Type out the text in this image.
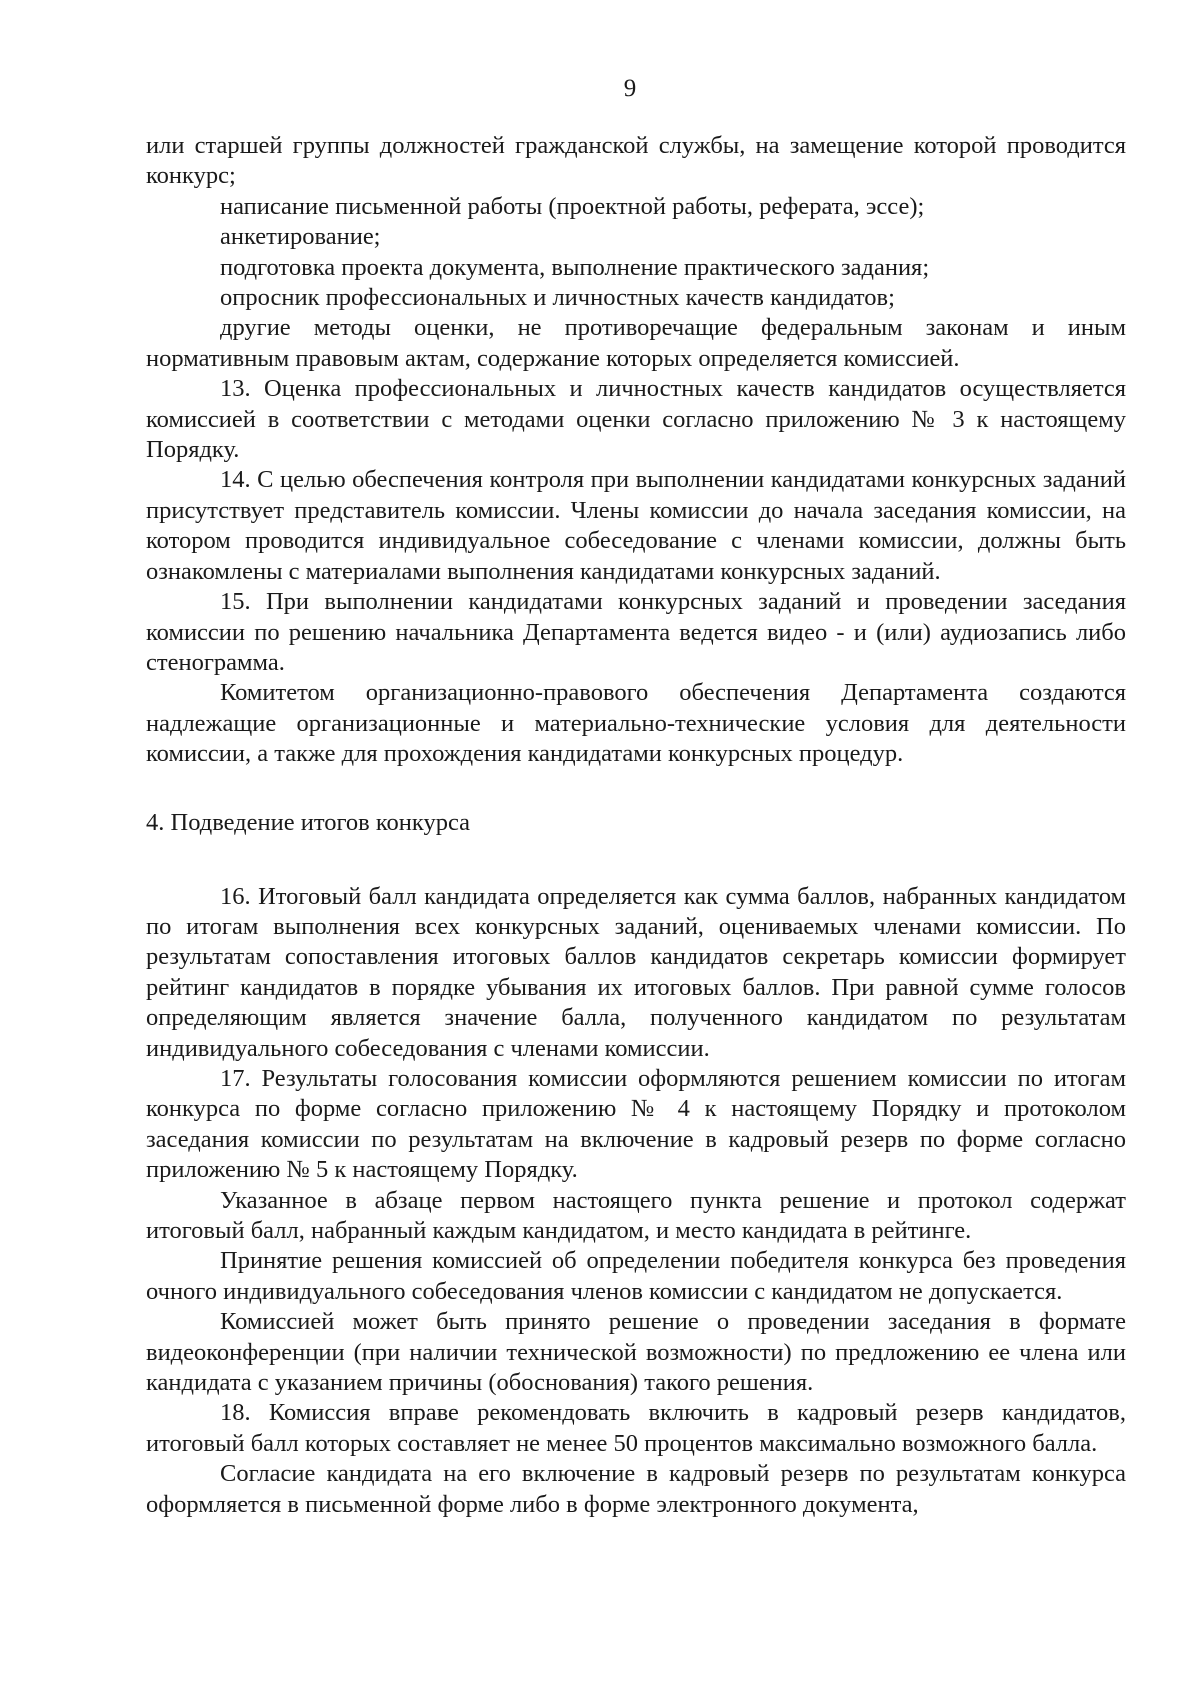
9

или старшей группы должностей гражданской службы, на замещение которой проводится конкурс;

написание письменной работы (проектной работы, реферата, эссе);

анкетирование;

подготовка проекта документа, выполнение практического задания;

опросник профессиональных и личностных качеств кандидатов;

другие методы оценки, не противоречащие федеральным законам и иным нормативным правовым актам, содержание которых определяется комиссией.

13. Оценка профессиональных и личностных качеств кандидатов осуществляется комиссией в соответствии с методами оценки согласно приложению № 3 к настоящему Порядку.

14. С целью обеспечения контроля при выполнении кандидатами конкурсных заданий присутствует представитель комиссии. Члены комиссии до начала заседания комиссии, на котором проводится индивидуальное собеседование с членами комиссии, должны быть ознакомлены с материалами выполнения кандидатами конкурсных заданий.

15. При выполнении кандидатами конкурсных заданий и проведении заседания комиссии по решению начальника Департамента ведется видео - и (или) аудиозапись либо стенограмма.

Комитетом организационно-правового обеспечения Департамента создаются надлежащие организационные и материально-технические условия для деятельности комиссии, а также для прохождения кандидатами конкурсных процедур.

4. Подведение итогов конкурса

16. Итоговый балл кандидата определяется как сумма баллов, набранных кандидатом по итогам выполнения всех конкурсных заданий, оцениваемых членами комиссии. По результатам сопоставления итоговых баллов кандидатов секретарь комиссии формирует рейтинг кандидатов в порядке убывания их итоговых баллов. При равной сумме голосов определяющим является значение балла, полученного кандидатом по результатам индивидуального собеседования с членами комиссии.

17. Результаты голосования комиссии оформляются решением комиссии по итогам конкурса по форме согласно приложению № 4 к настоящему Порядку и протоколом заседания комиссии по результатам на включение в кадровый резерв по форме согласно приложению № 5 к настоящему Порядку.

Указанное в абзаце первом настоящего пункта решение и протокол содержат итоговый балл, набранный каждым кандидатом, и место кандидата в рейтинге.

Принятие решения комиссией об определении победителя конкурса без проведения очного индивидуального собеседования членов комиссии с кандидатом не допускается.

Комиссией может быть принято решение о проведении заседания в формате видеоконференции (при наличии технической возможности) по предложению ее члена или кандидата с указанием причины (обоснования) такого решения.

18. Комиссия вправе рекомендовать включить в кадровый резерв кандидатов, итоговый балл которых составляет не менее 50 процентов максимально возможного балла.

Согласие кандидата на его включение в кадровый резерв по результатам конкурса оформляется в письменной форме либо в форме электронного документа,
